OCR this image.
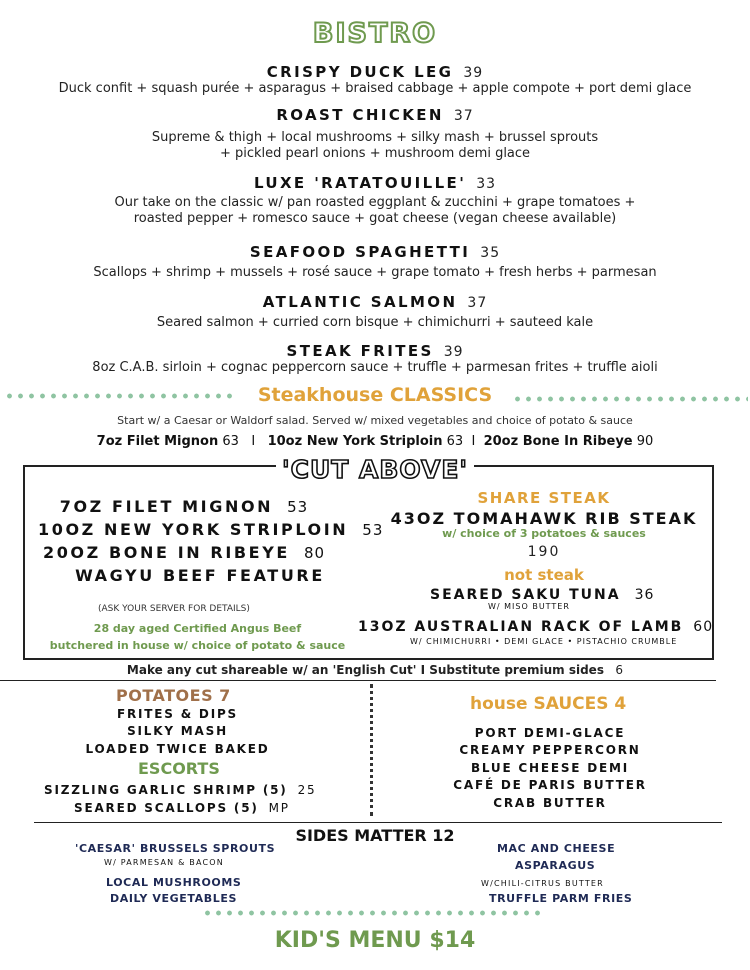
BISTRO
CRISPY DUCK LEG 39
Duck confit + squash purée + asparagus + braised cabbage + apple compote + port demi glace
ROAST CHICKEN 37
Supreme & thigh + local mushrooms + silky mash + brussel sprouts
+ pickled pearl onions + mushroom demi glace
LUXE 'RATATOUILLE' 33
Our take on the classic w/ pan roasted eggplant & zucchini + grape tomatoes +
roasted pepper + romesco sauce + goat cheese (vegan cheese available)
SEAFOOD SPAGHETTI 35
Scallops + shrimp + mussels + rosé sauce + grape tomato + fresh herbs + parmesan
ATLANTIC SALMON 37
Seared salmon + curried corn bisque + chimichurri + sauteed kale
STEAK FRITES 39
8oz C.A.B. sirloin + cognac peppercorn sauce + truffle + parmesan frites + truffle aioli
Steakhouse CLASSICS
Start w/ a Caesar or Waldorf salad. Served w/ mixed vegetables and choice of potato & sauce
7oz Filet Mignon 63 I 10oz New York Striploin 63 I 20oz Bone In Ribeye 90
'CUT ABOVE'
7OZ FILET MIGNON 53
10OZ NEW YORK STRIPLOIN 53
20OZ BONE IN RIBEYE 80
WAGYU BEEF FEATURE
(ASK YOUR SERVER FOR DETAILS)
28 day aged Certified Angus Beef
butchered in house w/ choice of potato & sauce
SHARE STEAK
43OZ TOMAHAWK RIB STEAK
w/ choice of 3 potatoes & sauces
190
not steak
SEARED SAKU TUNA 36
W/ MISO BUTTER
13OZ AUSTRALIAN RACK OF LAMB 60
W/ CHIMICHURRI • DEMI GLACE • PISTACHIO CRUMBLE
Make any cut shareable w/ an 'English Cut' I Substitute premium sides 6
POTATOES 7
FRITES & DIPS
SILKY MASH
LOADED TWICE BAKED
ESCORTS
SIZZLING GARLIC SHRIMP (5) 25
SEARED SCALLOPS (5) MP
house SAUCES 4
PORT DEMI-GLACE
CREAMY PEPPERCORN
BLUE CHEESE DEMI
CAFÉ DE PARIS BUTTER
CRAB BUTTER
SIDES MATTER 12
'CAESAR' BRUSSELS SPROUTS
W/ PARMESAN & BACON
LOCAL MUSHROOMS
DAILY VEGETABLES
MAC AND CHEESE
ASPARAGUS
W/CHILI-CITRUS BUTTER
TRUFFLE PARM FRIES
KID'S MENU $14
